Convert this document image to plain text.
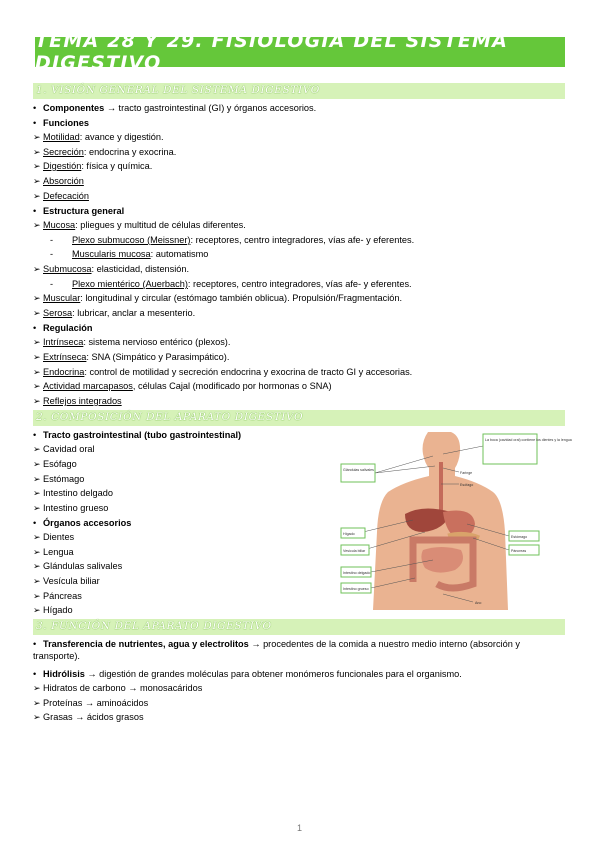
TEMA 28 Y 29. FISIOLOGÍA DEL SISTEMA DIGESTIVO
1. VISIÓN GENERAL DEL SISTEMA DIGESTIVO
• Componentes → tracto gastrointestinal (GI) y órganos accesorios.
• Funciones
➢ Motilidad: avance y digestión.
➢ Secreción: endocrina y exocrina.
➢ Digestión: física y química.
➢ Absorción
➢ Defecación
• Estructura general
➢ Mucosa: pliegues y multitud de células diferentes.
- Plexo submucoso (Meissner): receptores, centro integradores, vías afe- y eferentes.
- Muscularis mucosa: automatismo
➢ Submucosa: elasticidad, distensión.
- Plexo mientérico (Auerbach): receptores, centro integradores, vías afe- y eferentes.
➢ Muscular: longitudinal y circular (estómago también oblicua). Propulsión/Fragmentación.
➢ Serosa: lubricar, anclar a mesenterio.
• Regulación
➢ Intrínseca: sistema nervioso entérico (plexos).
➢ Extrínseca: SNA (Simpático y Parasimpático).
➢ Endocrina: control de motilidad y secreción endocrina y exocrina de tracto GI y accesorias.
➢ Actividad marcapasos, células Cajal (modificado por hormonas o SNA)
➢ Reflejos integrados
2. COMPOSICIÓN DEL APARATO DIGESTIVO
• Tracto gastrointestinal (tubo gastrointestinal)
➢ Cavidad oral
➢ Esófago
➢ Estómago
➢ Intestino delgado
➢ Intestino grueso
• Órganos accesorios
➢ Dientes
➢ Lengua
➢ Glándulas salivales
➢ Vesícula biliar
➢ Páncreas
➢ Hígado
Glándulas salivales
Hígado
Vesícula biliar
Intestino delgado
Intestino grueso
La boca (cavidad oral) contiene los dientes y la lengua
Estómago
Páncreas
Faringe
Esófago
Ano
3. FUNCIÓN DEL APARATO DIGESTIVO
• Transferencia de nutrientes, agua y electrolitos → procedentes de la comida a nuestro medio interno (absorción y transporte).
• Hidrólisis → digestión de grandes moléculas para obtener monómeros funcionales para el organismo.
➢ Hidratos de carbono → monosacáridos
➢ Proteínas → aminoácidos
➢ Grasas → ácidos grasos
1
